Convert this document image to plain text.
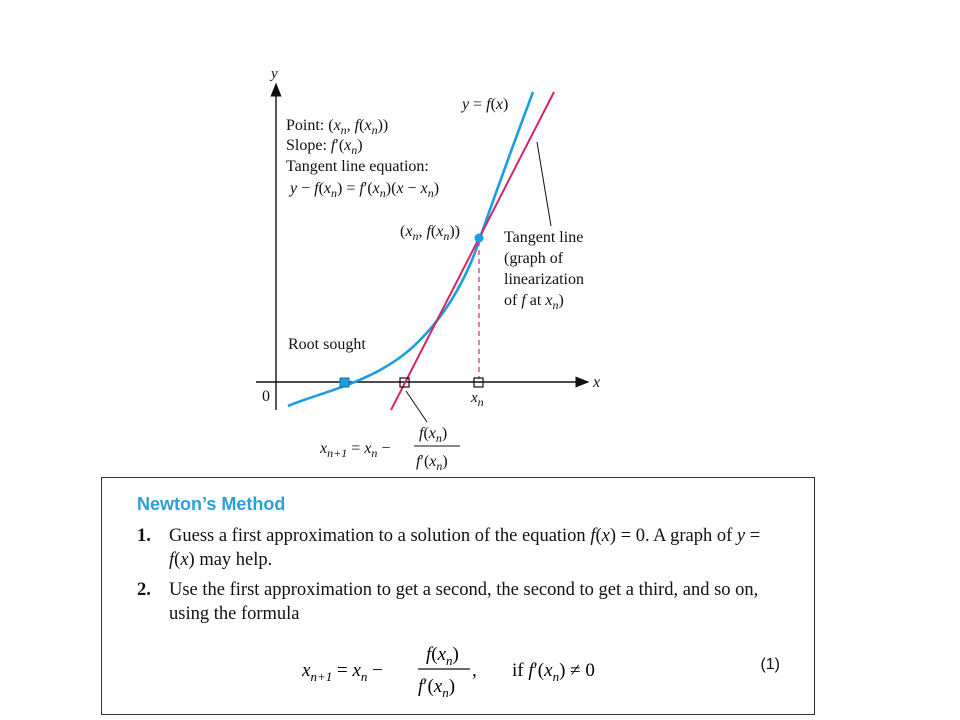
y
x
0
y = f(x)
Point: ($x_n$, $f(x_n)$)
Slope: $f'(x_n)$
Tangent line equation:
$y - f(x_n) = f'(x_n)(x - x_n)$
($x_n$, $f(x_n)$)	Tangent line
(graph of
linearization
of f at $x_n$)
Root sought
$x_n$
$x_{n+1} = x_n$ −
$f(x_n)$
$f'(x_n)$
Newton’s Method
1. Guess a first approximation to a solution of the equation f(x) = 0. A graph of y = f(x) may help.
2. Use the first approximation to get a second, the second to get a third, and so on, using the formula
$x_{n+1} = x_n$ −
$f(x_n)$
$f'(x_n)$
, if $f'(x_n) \ne 0$	(1)
